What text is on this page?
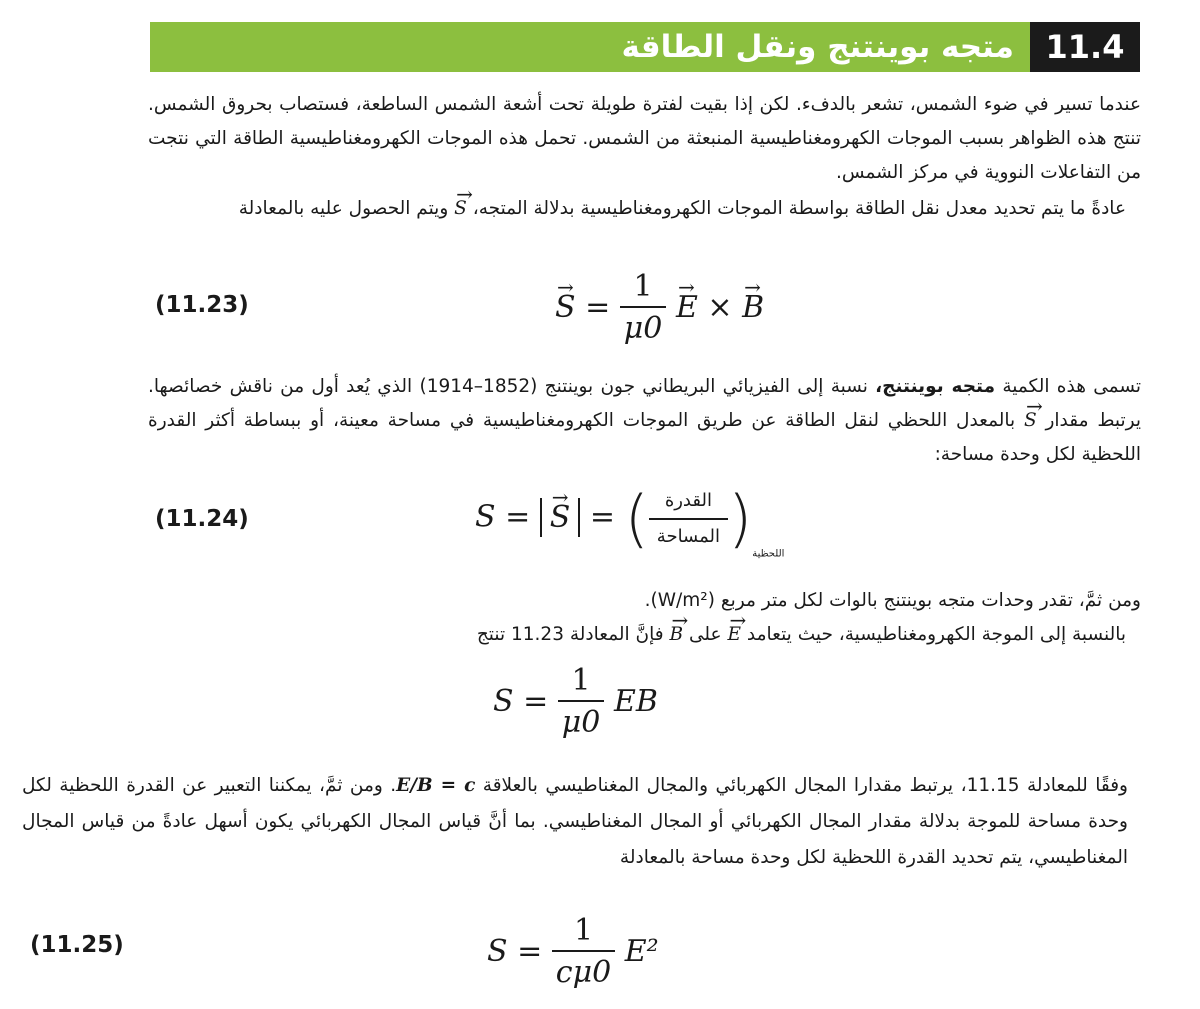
11.4
متجه بوينتنج ونقل الطاقة

عندما تسير في ضوء الشمس، تشعر بالدفء. لكن إذا بقيت لفترة طويلة تحت أشعة الشمس الساطعة، فستصاب بحروق الشمس. تنتج هذه الظواهر بسبب الموجات الكهرومغناطيسية المنبعثة من الشمس. تحمل هذه الموجات الكهرومغناطيسية الطاقة التي نتجت من التفاعلات النووية في مركز الشمس.

عادةً ما يتم تحديد معدل نقل الطاقة بواسطة الموجات الكهرومغناطيسية بدلالة المتجه، → S ويتم الحصول عليه بالمعادلة

(11.23)
→	$S = \frac{1}{\mu 0}$
→ E × → B

تسمى هذه الكمية متجه بوينتنج، نسبة إلى الفيزيائي البريطاني جون بوينتنج (1852–1914) الذي يُعد أول من ناقش خصائصها. يرتبط مقدار → S بالمعدل اللحظي لنقل الطاقة عن طريق الموجات الكهرومغناطيسية في مساحة معينة، أو ببساطة أكثر القدرة اللحظية لكل وحدة مساحة:

(11.24)	S = → S = ( $\frac{\text{القدرة}}{\text{المساحة}} )_{اللحظية}$

ومن ثمَّ، تقدر وحدات متجه بوينتنج بالوات لكل متر مربع (W/m²).

بالنسبة إلى الموجة الكهرومغناطيسية، حيث يتعامد → E على → B فإنَّ المعادلة 11.23 تنتج

$S = \frac{1}{\mu 0}$ EB

وفقًا للمعادلة 11.15، يرتبط مقدارا المجال الكهربائي والمجال المغناطيسي بالعلاقة E/B = c. ومن ثمَّ، يمكننا التعبير عن القدرة اللحظية لكل وحدة مساحة للموجة بدلالة مقدار المجال الكهربائي أو المجال المغناطيسي. بما أنَّ قياس المجال الكهربائي يكون أسهل عادةً من قياس المجال المغناطيسي، يتم تحديد القدرة اللحظية لكل وحدة مساحة بالمعادلة

(11.25)	$S = \frac{1}{c\mu 0} E^2$
